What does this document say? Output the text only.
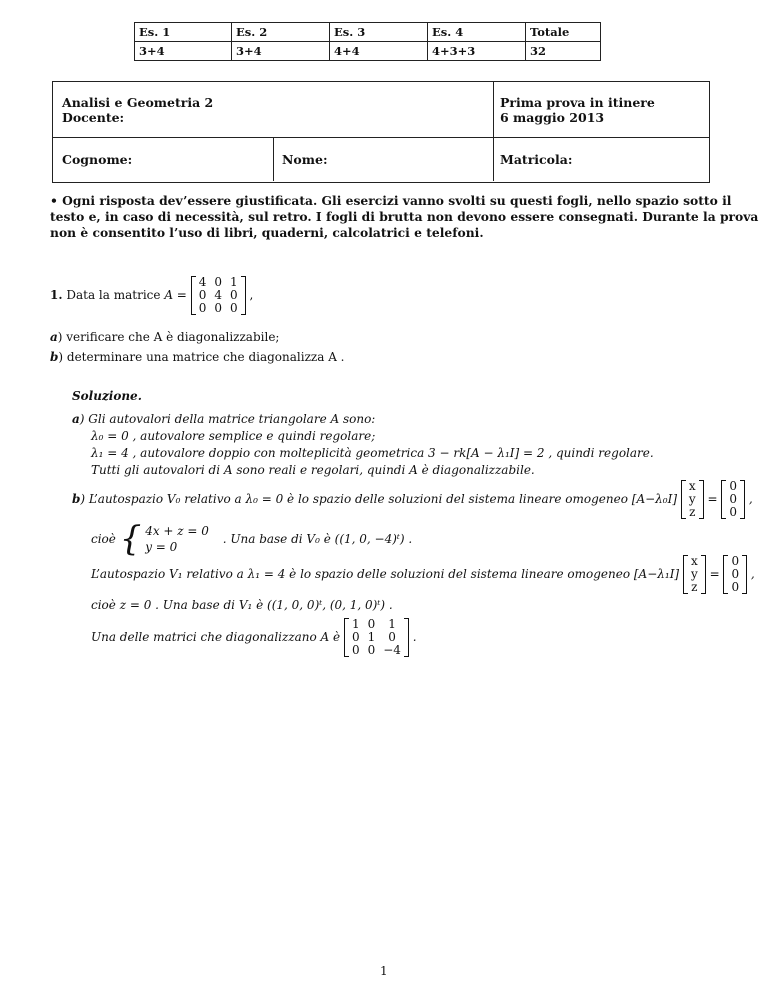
Es. 1	Es. 2	Es. 3	Es. 4	Totale
3+4	3+4	4+4	4+3+3	32
Analisi e Geometria 2
Docente:
Prima prova in itinere
6 maggio 2013
Cognome:	Nome:	Matricola:
• Ogni risposta dev’essere giustificata. Gli esercizi vanno svolti su questi fogli, nello spazio sotto il
testo e, in caso di necessità, sul retro. I fogli di brutta non devono essere consegnati. Durante la prova
non è consentito l’uso di libri, quaderni, calcolatrici e telefoni.
1. Data la matrice A =
4	0	1
0	4	0
0	0	0
,
a) verificare che A è diagonalizzabile;
b) determinare una matrice che diagonalizza A .
Soluzione.
a) Gli autovalori della matrice triangolare A sono:
λ₀ = 0 , autovalore semplice e quindi regolare;
λ₁ = 4 , autovalore doppio con molteplicità geometrica 3 − rk[A − λ₁I] = 2 , quindi regolare.
Tutti gli autovalori di A sono reali e regolari, quindi A è diagonalizzabile.
b) L’autospazio V₀ relativo a λ₀ = 0 è lo spazio delle soluzioni del sistema lineare omogeneo [A−λ₀I]
x
y
z
=
0
0
0
,
cioè { 4x + z = 0
y = 0
. Una base di V₀ è ((1, 0, −4)ᵗ) .
L’autospazio V₁ relativo a λ₁ = 4 è lo spazio delle soluzioni del sistema lineare omogeneo [A−λ₁I]
x
y
z
=
0
0
0
,
cioè z = 0 . Una base di V₁ è ((1, 0, 0)ᵗ, (0, 1, 0)ᵗ) .
Una delle matrici che diagonalizzano A è
1	0	1
0	1	0
0	0	−4
.
1
